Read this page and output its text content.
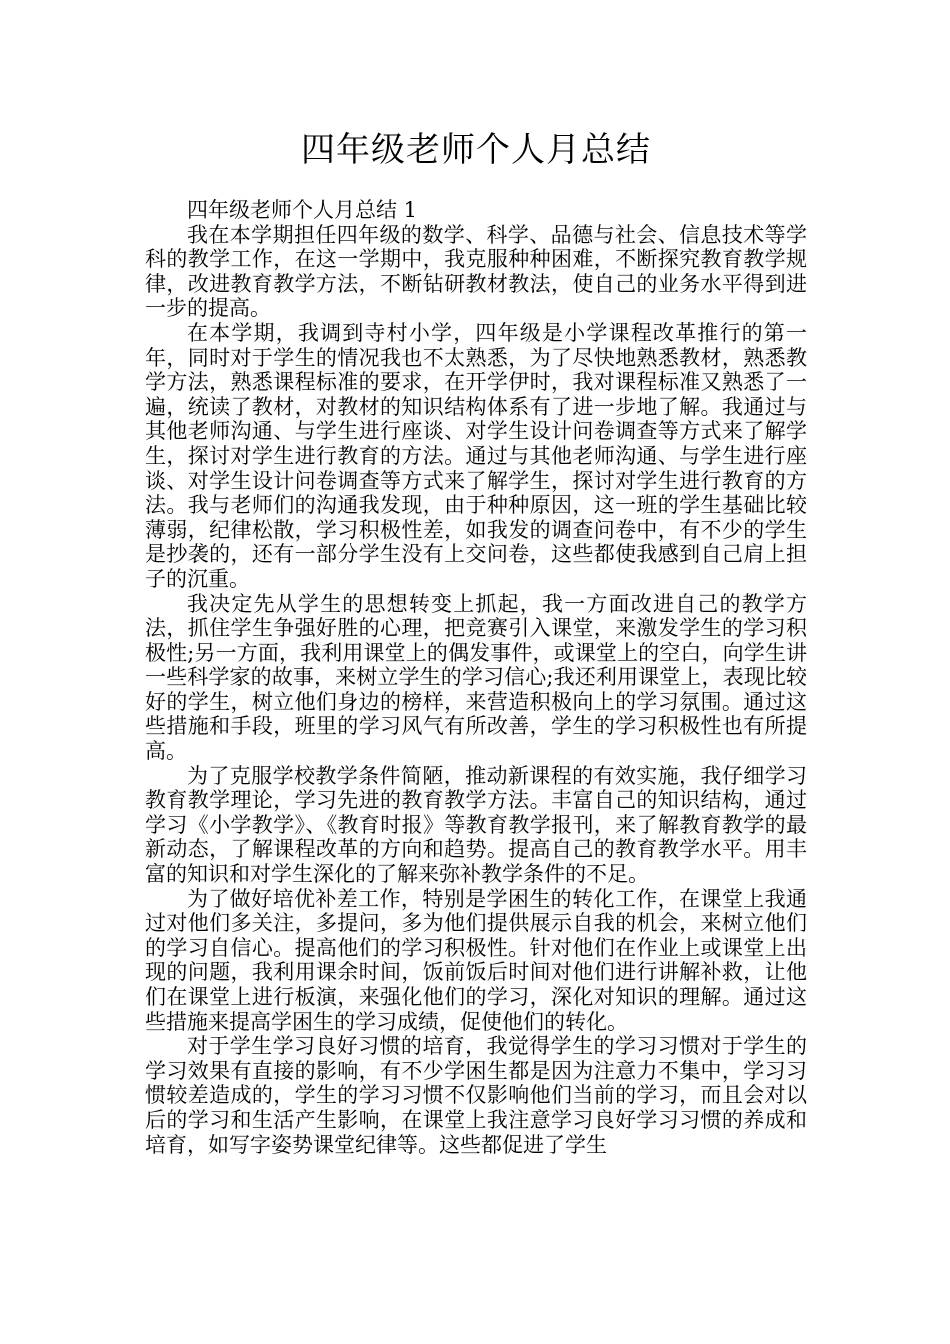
四年级老师个人月总结

四年级老师个人月总结 1

我在本学期担任四年级的数学、科学、品德与社会、信息技术等学科的教学工作，在这一学期中，我克服种种困难，不断探究教育教学规律，改进教育教学方法，不断钻研教材教法，使自己的业务水平得到进一步的提高。

在本学期，我调到寺村小学，四年级是小学课程改革推行的第一年，同时对于学生的情况我也不太熟悉，为了尽快地熟悉教材，熟悉教学方法，熟悉课程标准的要求，在开学伊时，我对课程标准又熟悉了一遍，统读了教材，对教材的知识结构体系有了进一步地了解。我通过与其他老师沟通、与学生进行座谈、对学生设计问卷调查等方式来了解学生，探讨对学生进行教育的方法。通过与其他老师沟通、与学生进行座谈、对学生设计问卷调查等方式来了解学生，探讨对学生进行教育的方法。我与老师们的沟通我发现，由于种种原因，这一班的学生基础比较薄弱，纪律松散，学习积极性差，如我发的调查问卷中，有不少的学生是抄袭的，还有一部分学生没有上交问卷，这些都使我感到自己肩上担子的沉重。

我决定先从学生的思想转变上抓起，我一方面改进自己的教学方法，抓住学生争强好胜的心理，把竞赛引入课堂，来激发学生的学习积极性;另一方面，我利用课堂上的偶发事件，或课堂上的空白，向学生讲一些科学家的故事，来树立学生的学习信心;我还利用课堂上，表现比较好的学生，树立他们身边的榜样，来营造积极向上的学习氛围。通过这些措施和手段，班里的学习风气有所改善，学生的学习积极性也有所提高。

为了克服学校教学条件简陋，推动新课程的有效实施，我仔细学习教育教学理论，学习先进的教育教学方法。丰富自己的知识结构，通过学习《小学教学》、《教育时报》等教育教学报刊，来了解教育教学的最新动态，了解课程改革的方向和趋势。提高自己的教育教学水平。用丰富的知识和对学生深化的了解来弥补教学条件的不足。

为了做好培优补差工作，特别是学困生的转化工作，在课堂上我通过对他们多关注，多提问，多为他们提供展示自我的机会，来树立他们的学习自信心。提高他们的学习积极性。针对他们在作业上或课堂上出现的问题，我利用课余时间，饭前饭后时间对他们进行讲解补救，让他们在课堂上进行板演，来强化他们的学习，深化对知识的理解。通过这些措施来提高学困生的学习成绩，促使他们的转化。

对于学生学习良好习惯的培育，我觉得学生的学习习惯对于学生的学习效果有直接的影响，有不少学困生都是因为注意力不集中，学习习惯较差造成的，学生的学习习惯不仅影响他们当前的学习，而且会对以后的学习和生活产生影响，在课堂上我注意学习良好学习习惯的养成和培育，如写字姿势课堂纪律等。这些都促进了学生
